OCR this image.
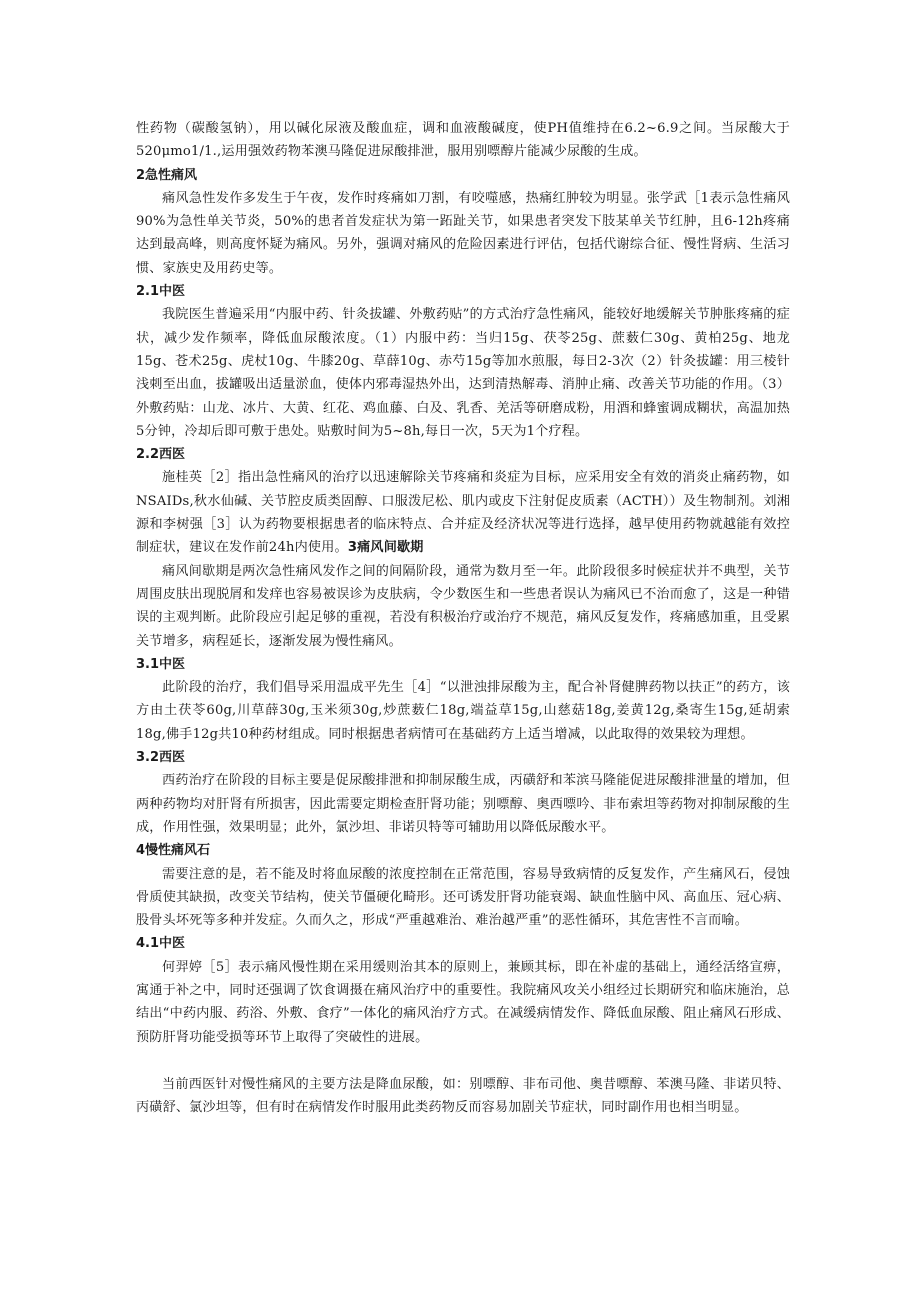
性药物（碳酸氢钠），用以碱化尿液及酸血症，调和血液酸碱度，使PH值维持在6.2~6.9之间。当尿酸大于520μmo1/1.,运用强效药物苯澳马隆促进尿酸排泄，服用别嘌醇片能减少尿酸的生成。

2急性痛风

痛风急性发作多发生于午夜，发作时疼痛如刀割，有咬噬感，热痛红肿较为明显。张学武［1表示急性痛风90%为急性单关节炎，50%的患者首发症状为第一跖趾关节，如果患者突发下肢某单关节红肿，且6-12h疼痛达到最高峰，则高度怀疑为痛风。另外，强调对痛风的危险因素进行评估，包括代谢综合征、慢性肾病、生活习惯、家族史及用药史等。

2.1中医

我院医生普遍采用“内服中药、针灸拔罐、外敷药贴”的方式治疗急性痛风，能较好地缓解关节肿胀疼痛的症状，减少发作频率，降低血尿酸浓度。（1）内服中药：当归15g、茯苓25g、蔗薮仁30g、黄柏25g、地龙15g、苍术25g、虎杖10g、牛膝20g、草薛10g、赤芍15g等加水煎服，每日2-3次（2）针灸拔罐：用三棱针浅刺至出血，拔罐吸出适量淤血，使体内邪毒湿热外出，达到清热解毒、消肿止痛、改善关节功能的作用。（3）外敷药贴：山龙、冰片、大黄、红花、鸡血藤、白及、乳香、羌活等研磨成粉，用酒和蜂蜜调成糊状，高温加热5分钟，冷却后即可敷于患处。贴敷时间为5~8h,每日一次，5天为1个疗程。

2.2西医

施桂英［2］指出急性痛风的治疗以迅速解除关节疼痛和炎症为目标，应采用安全有效的消炎止痛药物，如NSAIDs,秋水仙碱、关节腔皮质类固醇、口服泼尼松、肌内或皮下注射促皮质素（ACTH））及生物制剂。刘湘源和李树强［3］认为药物要根据患者的临床特点、合并症及经济状况等进行选择，越早使用药物就越能有效控制症状，建议在发作前24h内使用。3痛风间歇期

痛风间歇期是两次急性痛风发作之间的间隔阶段，通常为数月至一年。此阶段很多时候症状并不典型，关节周围皮肤出现脱屑和发痒也容易被误诊为皮肤病，令少数医生和一些患者误认为痛风已不治而愈了，这是一种错误的主观判断。此阶段应引起足够的重视，若没有积极治疗或治疗不规范，痛风反复发作，疼痛感加重，且受累关节增多，病程延长，逐渐发展为慢性痛风。

3.1中医

此阶段的治疗，我们倡导采用温成平先生［4］“以泄浊排尿酸为主，配合补肾健脾药物以扶正”的药方，该方由土茯苓60g,川草薛30g,玉米须30g,炒蔗薮仁18g,端益草15g,山慈菇18g,姜黄12g,桑寄生15g,延胡索18g,佛手12g共10种药材组成。同时根据患者病情可在基础药方上适当增减，以此取得的效果较为理想。

3.2西医

西药治疗在阶段的目标主要是促尿酸排泄和抑制尿酸生成，丙磺舒和苯滨马隆能促进尿酸排泄量的增加，但两种药物均对肝肾有所损害，因此需要定期检查肝肾功能；别嘌醇、奥西嘌吟、非布索坦等药物对抑制尿酸的生成，作用性强，效果明显；此外，氯沙坦、非诺贝特等可辅助用以降低尿酸水平。

4慢性痛风石

需要注意的是，若不能及时将血尿酸的浓度控制在正常范围，容易导致病情的反复发作，产生痛风石，侵蚀骨质使其缺损，改变关节结构，使关节僵硬化畸形。还可诱发肝肾功能衰竭、缺血性脑中风、高血压、冠心病、股骨头坏死等多种并发症。久而久之，形成“严重越难治、难治越严重”的恶性循环，其危害性不言而喻。

4.1中医

何羿婷［5］表示痛风慢性期在采用缓则治其本的原则上，兼顾其标，即在补虚的基础上，通经活络宣痹，寓通于补之中，同时还强调了饮食调摄在痛风治疗中的重要性。我院痛风攻关小组经过长期研究和临床施治，总结出“中药内服、药浴、外敷、食疗”一体化的痛风治疗方式。在减缓病情发作、降低血尿酸、阻止痛风石形成、预防肝肾功能受损等环节上取得了突破性的进展。

当前西医针对慢性痛风的主要方法是降血尿酸，如：别嘌醇、非布司他、奥昔嘌醇、苯澳马隆、非诺贝特、丙磺舒、氯沙坦等，但有时在病情发作时服用此类药物反而容易加剧关节症状，同时副作用也相当明显。
